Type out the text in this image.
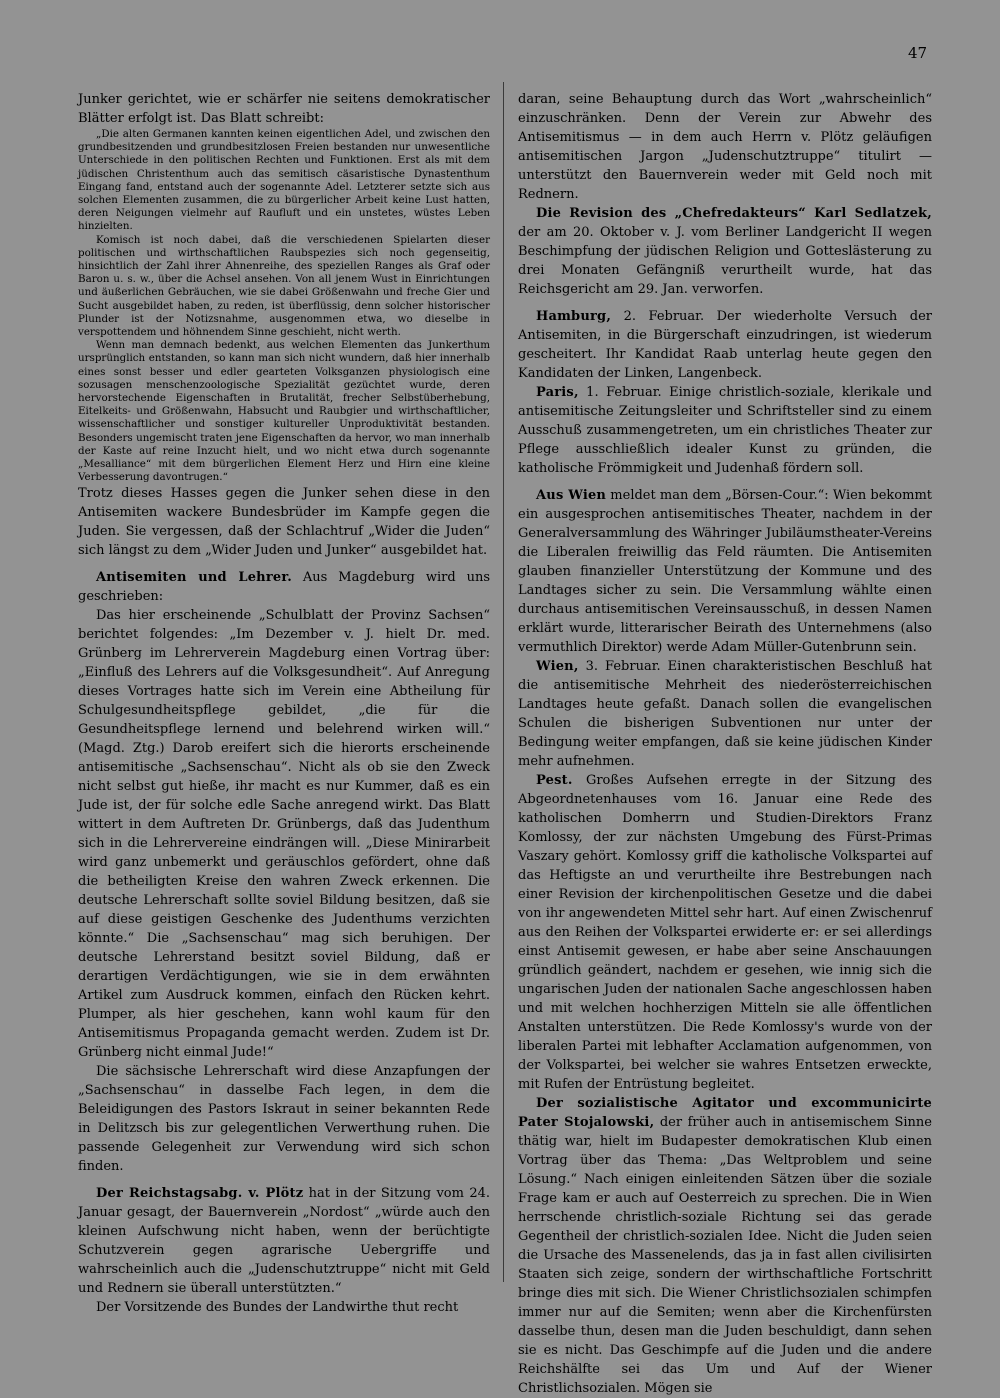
47

Junker gerichtet, wie er schärfer nie seitens demokratischer Blätter erfolgt ist. Das Blatt schreibt:

„Die alten Germanen kannten keinen eigentlichen Adel, und zwischen den grundbesitzenden und grundbesitzlosen Freien bestanden nur unwesentliche Unterschiede in den politischen Rechten und Funktionen. Erst als mit dem jüdischen Christenthum auch das semitisch cäsaristische Dynastenthum Eingang fand, entstand auch der sogenannte Adel. Letzterer setzte sich aus solchen Elementen zusammen, die zu bürgerlicher Arbeit keine Lust hatten, deren Neigungen vielmehr auf Raufluft und ein unstetes, wüstes Leben hinzielten.

Komisch ist noch dabei, daß die verschiedenen Spielarten dieser politischen und wirthschaftlichen Raubspezies sich noch gegenseitig, hinsichtlich der Zahl ihrer Ahnenreihe, des speziellen Ranges als Graf oder Baron u. s. w., über die Achsel ansehen. Von all jenem Wust in Einrichtungen und äußerlichen Gebräuchen, wie sie dabei Größenwahn und freche Gier und Sucht ausgebildet haben, zu reden, ist überflüssig, denn solcher historischer Plunder ist der Notizsnahme, ausgenommen etwa, wo dieselbe in verspottendem und höhnendem Sinne geschieht, nicht werth.

Wenn man demnach bedenkt, aus welchen Elementen das Junkerthum ursprünglich entstanden, so kann man sich nicht wundern, daß hier innerhalb eines sonst besser und edler gearteten Volksganzen physiologisch eine sozusagen menschenzoologische Spezialität gezüchtet wurde, deren hervorstechende Eigenschaften in Brutalität, frecher Selbstüberhebung, Eitelkeits- und Größenwahn, Habsucht und Raubgier und wirthschaftlicher, wissenschaftlicher und sonstiger kultureller Unproduktivität bestanden. Besonders ungemischt traten jene Eigenschaften da hervor, wo man innerhalb der Kaste auf reine Inzucht hielt, und wo nicht etwa durch sogenannte „Mesalliance“ mit dem bürgerlichen Element Herz und Hirn eine kleine Verbesserung davontrugen.“

Trotz dieses Hasses gegen die Junker sehen diese in den Antisemiten wackere Bundesbrüder im Kampfe gegen die Juden. Sie vergessen, daß der Schlachtruf „Wider die Juden“ sich längst zu dem „Wider Juden und Junker“ ausgebildet hat.

Antisemiten und Lehrer. Aus Magdeburg wird uns geschrieben:

Das hier erscheinende „Schulblatt der Provinz Sachsen“ berichtet folgendes: „Im Dezember v. J. hielt Dr. med. Grünberg im Lehrerverein Magdeburg einen Vortrag über: „Einfluß des Lehrers auf die Volksgesundheit“. Auf Anregung dieses Vortrages hatte sich im Verein eine Abtheilung für Schulgesundheitspflege gebildet, „die für die Gesundheitspflege lernend und belehrend wirken will.“ (Magd. Ztg.) Darob ereifert sich die hierorts erscheinende antisemitische „Sachsenschau“. Nicht als ob sie den Zweck nicht selbst gut hieße, ihr macht es nur Kummer, daß es ein Jude ist, der für solche edle Sache anregend wirkt. Das Blatt wittert in dem Auftreten Dr. Grünbergs, daß das Judenthum sich in die Lehrervereine eindrängen will. „Diese Minirarbeit wird ganz unbemerkt und geräuschlos gefördert, ohne daß die betheiligten Kreise den wahren Zweck erkennen. Die deutsche Lehrerschaft sollte soviel Bildung besitzen, daß sie auf diese geistigen Geschenke des Judenthums verzichten könnte.“ Die „Sachsenschau“ mag sich beruhigen. Der deutsche Lehrerstand besitzt soviel Bildung, daß er derartigen Verdächtigungen, wie sie in dem erwähnten Artikel zum Ausdruck kommen, einfach den Rücken kehrt. Plumper, als hier geschehen, kann wohl kaum für den Antisemitismus Propaganda gemacht werden. Zudem ist Dr. Grünberg nicht einmal Jude!“

Die sächsische Lehrerschaft wird diese Anzapfungen der „Sachsenschau“ in dasselbe Fach legen, in dem die Beleidigungen des Pastors Iskraut in seiner bekannten Rede in Delitzsch bis zur gelegentlichen Verwerthung ruhen. Die passende Gelegenheit zur Verwendung wird sich schon finden.

Der Reichstagsabg. v. Plötz hat in der Sitzung vom 24. Januar gesagt, der Bauernverein „Nordost“ „würde auch den kleinen Aufschwung nicht haben, wenn der berüchtigte Schutzverein gegen agrarische Uebergriffe und wahrscheinlich auch die „Judenschutztruppe“ nicht mit Geld und Rednern sie überall unterstützten.“

Der Vorsitzende des Bundes der Landwirthe thut recht

daran, seine Behauptung durch das Wort „wahrscheinlich“ einzuschränken. Denn der Verein zur Abwehr des Antisemitismus — in dem auch Herrn v. Plötz geläufigen antisemitischen Jargon „Judenschutztruppe“ titulirt — unterstützt den Bauernverein weder mit Geld noch mit Rednern.

Die Revision des „Chefredakteurs“ Karl Sedlatzek, der am 20. Oktober v. J. vom Berliner Landgericht II wegen Beschimpfung der jüdischen Religion und Gotteslästerung zu drei Monaten Gefängniß verurtheilt wurde, hat das Reichsgericht am 29. Jan. verworfen.

Hamburg, 2. Februar. Der wiederholte Versuch der Antisemiten, in die Bürgerschaft einzudringen, ist wiederum gescheitert. Ihr Kandidat Raab unterlag heute gegen den Kandidaten der Linken, Langenbeck.

Paris, 1. Februar. Einige christlich-soziale, klerikale und antisemitische Zeitungsleiter und Schriftsteller sind zu einem Ausschuß zusammengetreten, um ein christliches Theater zur Pflege ausschließlich idealer Kunst zu gründen, die katholische Frömmigkeit und Judenhaß fördern soll.

Aus Wien meldet man dem „Börsen-Cour.“: Wien bekommt ein ausgesprochen antisemitisches Theater, nachdem in der Generalversammlung des Währinger Jubiläumstheater-Vereins die Liberalen freiwillig das Feld räumten. Die Antisemiten glauben finanzieller Unterstützung der Kommune und des Landtages sicher zu sein. Die Versammlung wählte einen durchaus antisemitischen Vereinsausschuß, in dessen Namen erklärt wurde, litterarischer Beirath des Unternehmens (also vermuthlich Direktor) werde Adam Müller-Gutenbrunn sein.

Wien, 3. Februar. Einen charakteristischen Beschluß hat die antisemitische Mehrheit des niederösterreichischen Landtages heute gefaßt. Danach sollen die evangelischen Schulen die bisherigen Subventionen nur unter der Bedingung weiter empfangen, daß sie keine jüdischen Kinder mehr aufnehmen.

Pest. Großes Aufsehen erregte in der Sitzung des Abgeordnetenhauses vom 16. Januar eine Rede des katholischen Domherrn und Studien-Direktors Franz Komlossy, der zur nächsten Umgebung des Fürst-Primas Vaszary gehört. Komlossy griff die katholische Volkspartei auf das Heftigste an und verurtheilte ihre Bestrebungen nach einer Revision der kirchenpolitischen Gesetze und die dabei von ihr angewendeten Mittel sehr hart. Auf einen Zwischenruf aus den Reihen der Volkspartei erwiderte er: er sei allerdings einst Antisemit gewesen, er habe aber seine Anschauungen gründlich geändert, nachdem er gesehen, wie innig sich die ungarischen Juden der nationalen Sache angeschlossen haben und mit welchen hochherzigen Mitteln sie alle öffentlichen Anstalten unterstützen. Die Rede Komlossy's wurde von der liberalen Partei mit lebhafter Acclamation aufgenommen, von der Volkspartei, bei welcher sie wahres Entsetzen erweckte, mit Rufen der Entrüstung begleitet.

Der sozialistische Agitator und excommunicirte Pater Stojalowski, der früher auch in antisemischem Sinne thätig war, hielt im Budapester demokratischen Klub einen Vortrag über das Thema: „Das Weltproblem und seine Lösung.“ Nach einigen einleitenden Sätzen über die soziale Frage kam er auch auf Oesterreich zu sprechen. Die in Wien herrschende christlich-soziale Richtung sei das gerade Gegentheil der christlich-sozialen Idee. Nicht die Juden seien die Ursache des Massenelends, das ja in fast allen civilisirten Staaten sich zeige, sondern der wirthschaftliche Fortschritt bringe dies mit sich. Die Wiener Christlichsozialen schimpfen immer nur auf die Semiten; wenn aber die Kirchenfürsten dasselbe thun, desen man die Juden beschuldigt, dann sehen sie es nicht. Das Geschimpfe auf die Juden und die andere Reichshälfte sei das Um und Auf der Wiener Christlichsozialen. Mögen sie
